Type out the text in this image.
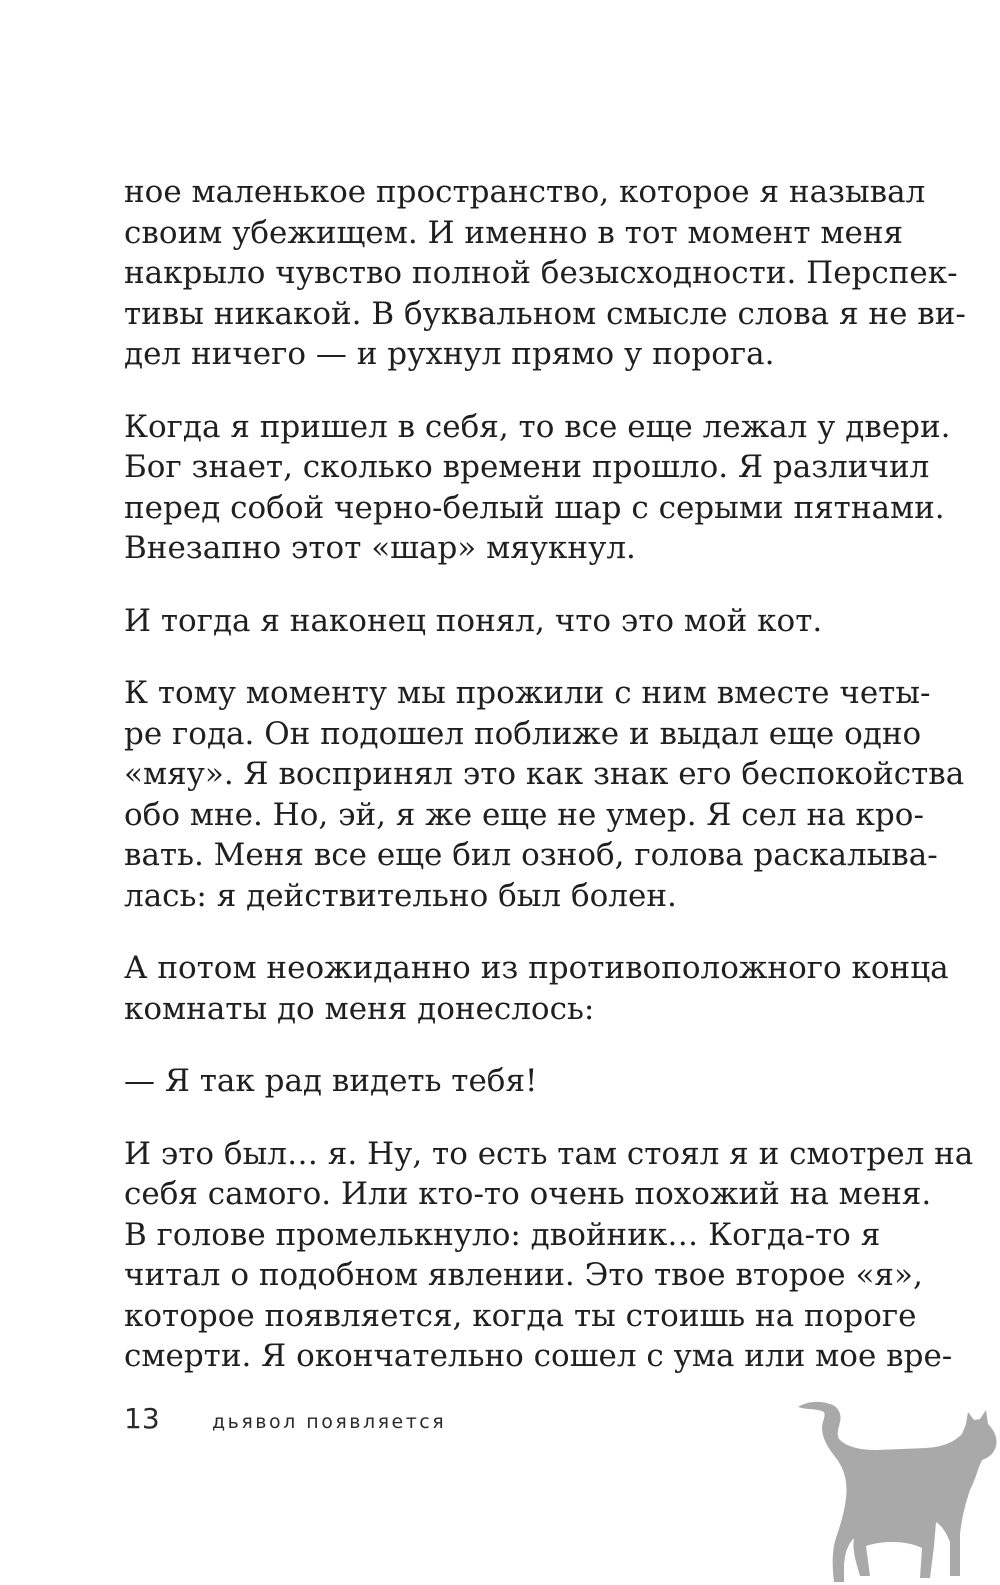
ное маленькое пространство, которое я называл
своим убежищем. И именно в тот момент меня
накрыло чувство полной безысходности. Перспек-
тивы никакой. В буквальном смысле слова я не ви-
дел ничего — и рухнул прямо у порога.
Когда я пришел в себя, то все еще лежал у двери.
Бог знает, сколько времени прошло. Я различил
перед собой черно-белый шар с серыми пятнами.
Внезапно этот «шар» мяукнул.
И тогда я наконец понял, что это мой кот.
К тому моменту мы прожили с ним вместе четы-
ре года. Он подошел поближе и выдал еще одно
«мяу». Я воспринял это как знак его беспокойства
обо мне. Но, эй, я же еще не умер. Я сел на кро-
вать. Меня все еще бил озноб, голова раскалыва-
лась: я действительно был болен.
А потом неожиданно из противоположного конца
комнаты до меня донеслось:
— Я так рад видеть тебя!
И это был… я. Ну, то есть там стоял я и смотрел на
себя самого. Или кто-то очень похожий на меня.
В голове промелькнуло: двойник… Когда-то я
читал о подобном явлении. Это твое второе «я»,
которое появляется, когда ты стоишь на пороге
смерти. Я окончательно сошел с ума или мое вре-
13	дьявол появляется
